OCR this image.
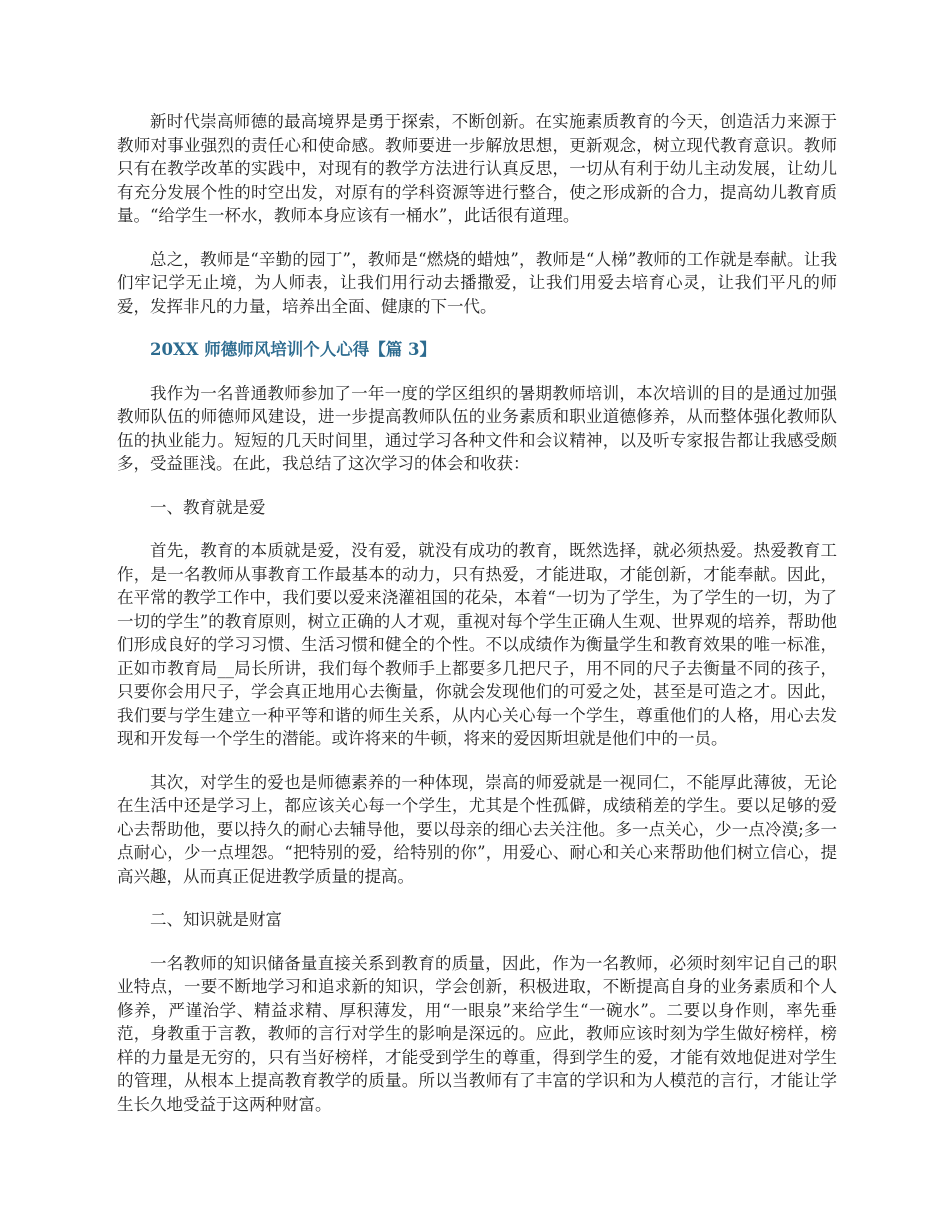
新时代崇高师德的最高境界是勇于探索，不断创新。在实施素质教育的今天，创造活力来源于教师对事业强烈的责任心和使命感。教师要进一步解放思想，更新观念，树立现代教育意识。教师只有在教学改革的实践中，对现有的教学方法进行认真反思，一切从有利于幼儿主动发展，让幼儿有充分发展个性的时空出发，对原有的学科资源等进行整合，使之形成新的合力，提高幼儿教育质量。“给学生一杯水，教师本身应该有一桶水”，此话很有道理。

总之，教师是“辛勤的园丁”，教师是“燃烧的蜡烛”，教师是“人梯”教师的工作就是奉献。让我们牢记学无止境，为人师表，让我们用行动去播撒爱，让我们用爱去培育心灵，让我们平凡的师爱，发挥非凡的力量，培养出全面、健康的下一代。

20XX 师德师风培训个人心得【篇 3】

我作为一名普通教师参加了一年一度的学区组织的暑期教师培训，本次培训的目的是通过加强教师队伍的师德师风建设，进一步提高教师队伍的业务素质和职业道德修养，从而整体强化教师队伍的执业能力。短短的几天时间里，通过学习各种文件和会议精神，以及听专家报告都让我感受颇多，受益匪浅。在此，我总结了这次学习的体会和收获：

一、教育就是爱

首先，教育的本质就是爱，没有爱，就没有成功的教育，既然选择，就必须热爱。热爱教育工作，是一名教师从事教育工作最基本的动力，只有热爱，才能进取，才能创新，才能奉献。因此，在平常的教学工作中，我们要以爱来浇灌祖国的花朵，本着“一切为了学生，为了学生的一切，为了一切的学生”的教育原则，树立正确的人才观，重视对每个学生正确人生观、世界观的培养，帮助他们形成良好的学习习惯、生活习惯和健全的个性。不以成绩作为衡量学生和教育效果的唯一标准，正如市教育局__局长所讲，我们每个教师手上都要多几把尺子，用不同的尺子去衡量不同的孩子，只要你会用尺子，学会真正地用心去衡量，你就会发现他们的可爱之处，甚至是可造之才。因此，我们要与学生建立一种平等和谐的师生关系，从内心关心每一个学生，尊重他们的人格，用心去发现和开发每一个学生的潜能。或许将来的牛顿，将来的爱因斯坦就是他们中的一员。

其次，对学生的爱也是师德素养的一种体现，崇高的师爱就是一视同仁，不能厚此薄彼，无论在生活中还是学习上，都应该关心每一个学生，尤其是个性孤僻，成绩稍差的学生。要以足够的爱心去帮助他，要以持久的耐心去辅导他，要以母亲的细心去关注他。多一点关心，少一点冷漠;多一点耐心，少一点埋怨。“把特别的爱，给特别的你”，用爱心、耐心和关心来帮助他们树立信心，提高兴趣，从而真正促进教学质量的提高。

二、知识就是财富

一名教师的知识储备量直接关系到教育的质量，因此，作为一名教师，必须时刻牢记自己的职业特点，一要不断地学习和追求新的知识，学会创新，积极进取，不断提高自身的业务素质和个人修养，严谨治学、精益求精、厚积薄发，用“一眼泉”来给学生“一碗水”。二要以身作则，率先垂范，身教重于言教，教师的言行对学生的影响是深远的。应此，教师应该时刻为学生做好榜样，榜样的力量是无穷的，只有当好榜样，才能受到学生的尊重，得到学生的爱，才能有效地促进对学生的管理，从根本上提高教育教学的质量。所以当教师有了丰富的学识和为人模范的言行，才能让学生长久地受益于这两种财富。
